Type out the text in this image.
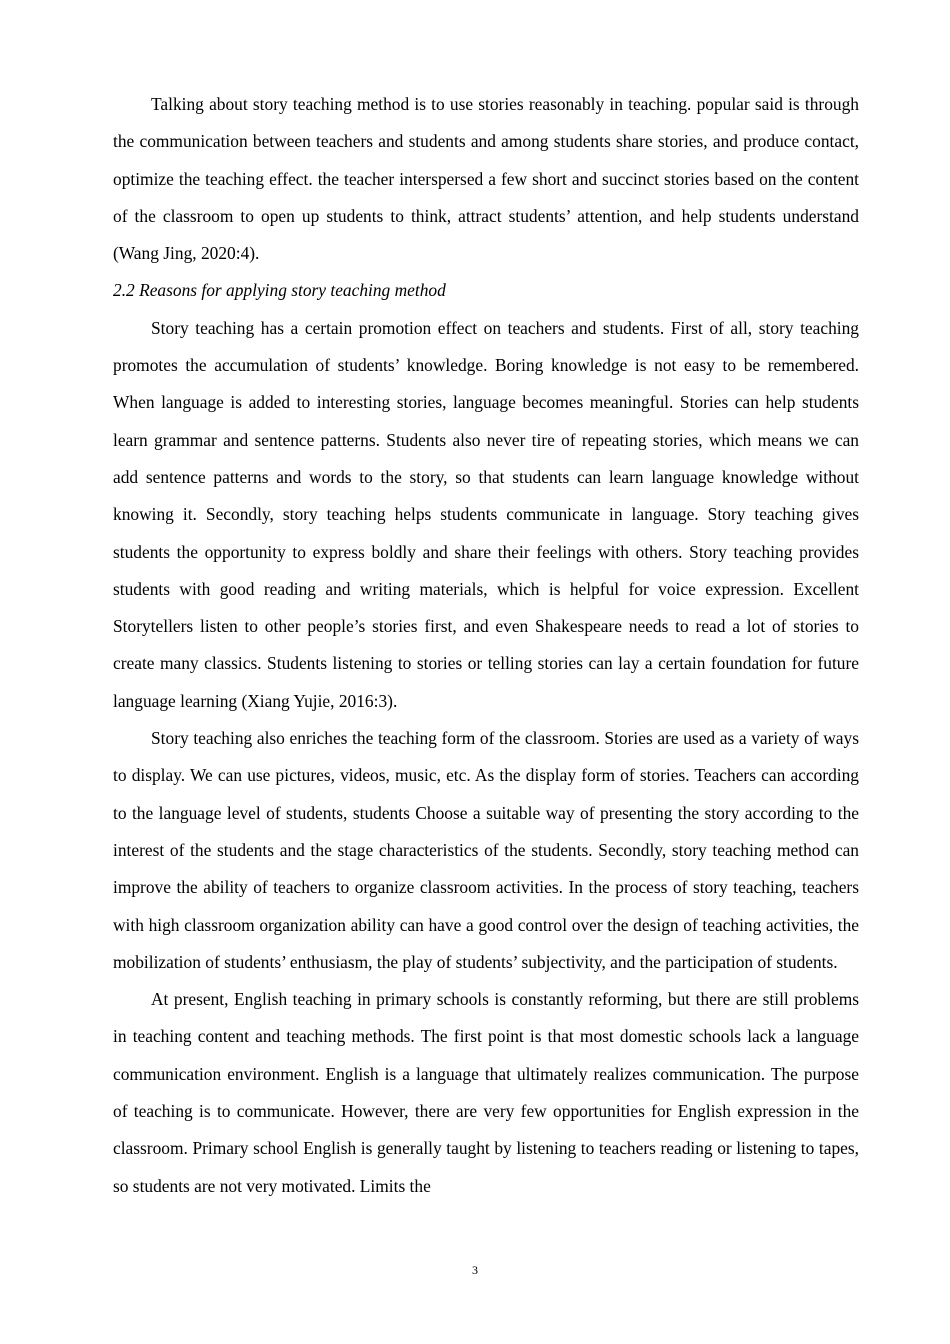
Talking about story teaching method is to use stories reasonably in teaching. popular said is through the communication between teachers and students and among students share stories, and produce contact, optimize the teaching effect. the teacher interspersed a few short and succinct stories based on the content of the classroom to open up students to think, attract students’ attention, and help students understand (Wang Jing, 2020:4).

2.2 Reasons for applying story teaching method

Story teaching has a certain promotion effect on teachers and students. First of all, story teaching promotes the accumulation of students’ knowledge. Boring knowledge is not easy to be remembered. When language is added to interesting stories, language becomes meaningful. Stories can help students learn grammar and sentence patterns. Students also never tire of repeating stories, which means we can add sentence patterns and words to the story, so that students can learn language knowledge without knowing it. Secondly, story teaching helps students communicate in language. Story teaching gives students the opportunity to express boldly and share their feelings with others. Story teaching provides students with good reading and writing materials, which is helpful for voice expression. Excellent Storytellers listen to other people’s stories first, and even Shakespeare needs to read a lot of stories to create many classics. Students listening to stories or telling stories can lay a certain foundation for future language learning (Xiang Yujie, 2016:3).

Story teaching also enriches the teaching form of the classroom. Stories are used as a variety of ways to display. We can use pictures, videos, music, etc. As the display form of stories. Teachers can according to the language level of students, students Choose a suitable way of presenting the story according to the interest of the students and the stage characteristics of the students. Secondly, story teaching method can improve the ability of teachers to organize classroom activities. In the process of story teaching, teachers with high classroom organization ability can have a good control over the design of teaching activities, the mobilization of students’ enthusiasm, the play of students’ subjectivity, and the participation of students.

At present, English teaching in primary schools is constantly reforming, but there are still problems in teaching content and teaching methods. The first point is that most domestic schools lack a language communication environment. English is a language that ultimately realizes communication. The purpose of teaching is to communicate. However, there are very few opportunities for English expression in the classroom. Primary school English is generally taught by listening to teachers reading or listening to tapes, so students are not very motivated. Limits the

3
